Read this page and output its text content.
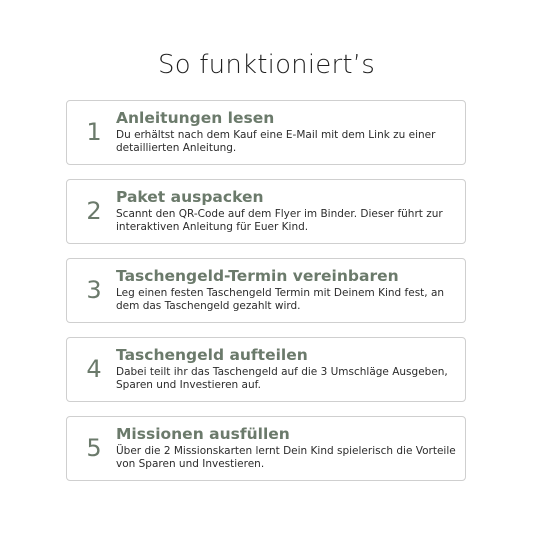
So funktioniert’s
1 Anleitungen lesen
Du erhältst nach dem Kauf eine E-Mail mit dem Link zu einer detaillierten Anleitung.
2 Paket auspacken
Scannt den QR-Code auf dem Flyer im Binder. Dieser führt zur interaktiven Anleitung für Euer Kind.
3 Taschengeld-Termin vereinbaren
Leg einen festen Taschengeld Termin mit Deinem Kind fest, an dem das Taschengeld gezahlt wird.
4 Taschengeld aufteilen
Dabei teilt ihr das Taschengeld auf die 3 Umschläge Ausgeben, Sparen und Investieren auf.
5 Missionen ausfüllen
Über die 2 Missionskarten lernt Dein Kind spielerisch die Vorteile von Sparen und Investieren.
